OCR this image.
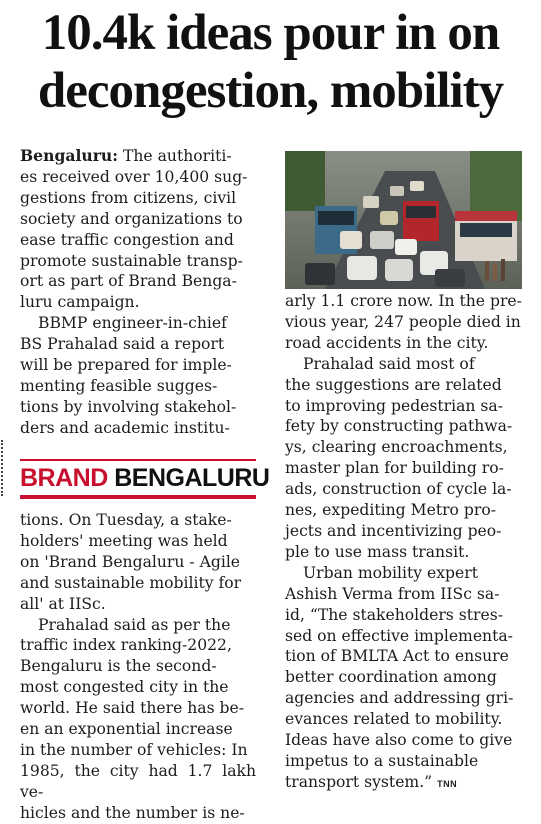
10.4k ideas pour in on
decongestion, mobility

Bengaluru: The authoriti-
es received over 10,400 sug-
gestions from citizens, civil
society and organizations to
ease traffic congestion and
promote sustainable transp-
ort as part of Brand Benga-
luru campaign.

BBMP engineer-in-chief
BS Prahalad said a report
will be prepared for imple-
menting feasible sugges-
tions by involving stakehol-
ders and academic institu-

BRAND BENGALURU

tions. On Tuesday, a stake-
holders' meeting was held
on 'Brand Bengaluru - Agile
and sustainable mobility for
all' at IISc.

Prahalad said as per the
traffic index ranking-2022,
Bengaluru is the second-
most congested city in the
world. He said there has be-
en an exponential increase
in the number of vehicles: In
1985, the city had 1.7 lakh ve-
hicles and the number is ne-

arly 1.1 crore now. In the pre-
vious year, 247 people died in
road accidents in the city.

Prahalad said most of
the suggestions are related
to improving pedestrian sa-
fety by constructing pathwa-
ys, clearing encroachments,
master plan for building ro-
ads, construction of cycle la-
nes, expediting Metro pro-
jects and incentivizing peo-
ple to use mass transit.

Urban mobility expert
Ashish Verma from IISc sa-
id, “The stakeholders stres-
sed on effective implementa-
tion of BMLTA Act to ensure
better coordination among
agencies and addressing gri-
evances related to mobility.
Ideas have also come to give
impetus to a sustainable
transport system.” TNN
